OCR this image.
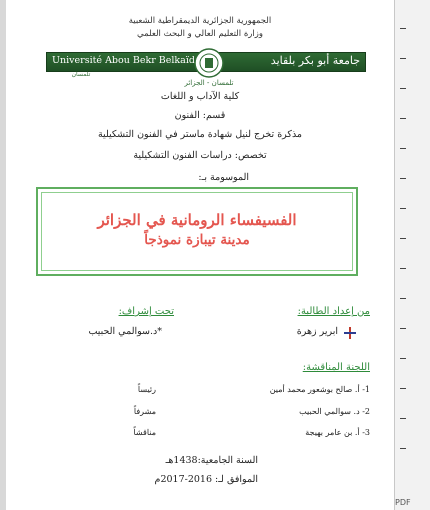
الجمهورية الجزائرية الديمقراطية الشعبية
وزارة التعليم العالي و البحث العلمي
Université Abou Bekr Belkaïd	جامعة أبو بكر بلقايد
تلمسان
تلمسان - الجزائر
كلية الآداب و اللغات
قسم: الفنون
مذكرة تخرج لنيل شهادة ماستر في الفنون التشكيلية
تخصص: دراسات الفنون التشكيلية
الموسومة بـ:
الفسيفساء الرومانية في الجزائر
مدينة تيبازة نموذجاً
من إعداد الطالبة:
تحت إشراف:
ابرير زهرة
*د.سوالمي الحبيب
اللجنة المناقشة:
1- أ. صالح بوشعور محمد أمين
رئيساً
2- د. سوالمي الحبيب
مشرفاً
3- أ. بن عامر بهيجة
مناقشاً
السنة الجامعية:1438هـ
الموافق لـ: 2016-2017م
PDF
